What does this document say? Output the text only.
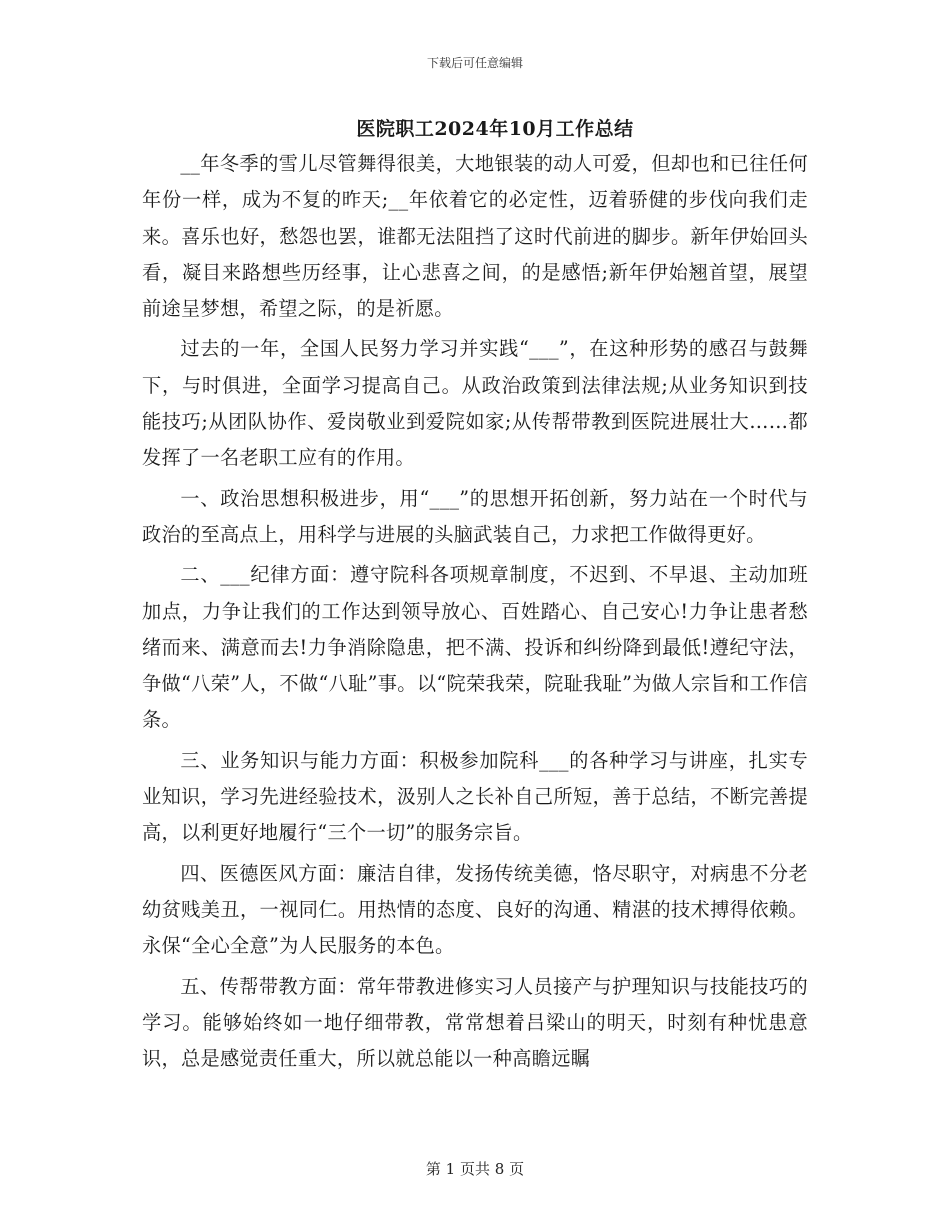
下载后可任意编辑
医院职工2024年10月工作总结

__年冬季的雪儿尽管舞得很美，大地银装的动人可爱，但却也和已往任何年份一样，成为不复的昨天;__年依着它的必定性，迈着骄健的步伐向我们走来。喜乐也好，愁怨也罢，谁都无法阻挡了这时代前进的脚步。新年伊始回头看，凝目来路想些历经事，让心悲喜之间，的是感悟;新年伊始翘首望，展望前途呈梦想，希望之际，的是祈愿。

过去的一年，全国人民努力学习并实践“___”，在这种形势的感召与鼓舞下，与时俱进，全面学习提高自己。从政治政策到法律法规;从业务知识到技能技巧;从团队协作、爱岗敬业到爱院如家;从传帮带教到医院进展壮大……都发挥了一名老职工应有的作用。

一、政治思想积极进步，用“___”的思想开拓创新，努力站在一个时代与政治的至高点上，用科学与进展的头脑武装自己，力求把工作做得更好。

二、___纪律方面：遵守院科各项规章制度，不迟到、不早退、主动加班加点，力争让我们的工作达到领导放心、百姓踏心、自己安心!力争让患者愁绪而来、满意而去!力争消除隐患，把不满、投诉和纠纷降到最低!遵纪守法，争做“八荣”人，不做“八耻”事。以“院荣我荣，院耻我耻”为做人宗旨和工作信条。

三、业务知识与能力方面：积极参加院科___的各种学习与讲座，扎实专业知识，学习先进经验技术，汲别人之长补自己所短，善于总结，不断完善提高，以利更好地履行“三个一切”的服务宗旨。

四、医德医风方面：廉洁自律，发扬传统美德，恪尽职守，对病患不分老幼贫贱美丑，一视同仁。用热情的态度、良好的沟通、精湛的技术搏得依赖。永保“全心全意”为人民服务的本色。

五、传帮带教方面：常年带教进修实习人员接产与护理知识与技能技巧的学习。能够始终如一地仔细带教，常常想着吕梁山的明天，时刻有种忧患意识，总是感觉责任重大，所以就总能以一种高瞻远瞩

第 1 页共 8 页
